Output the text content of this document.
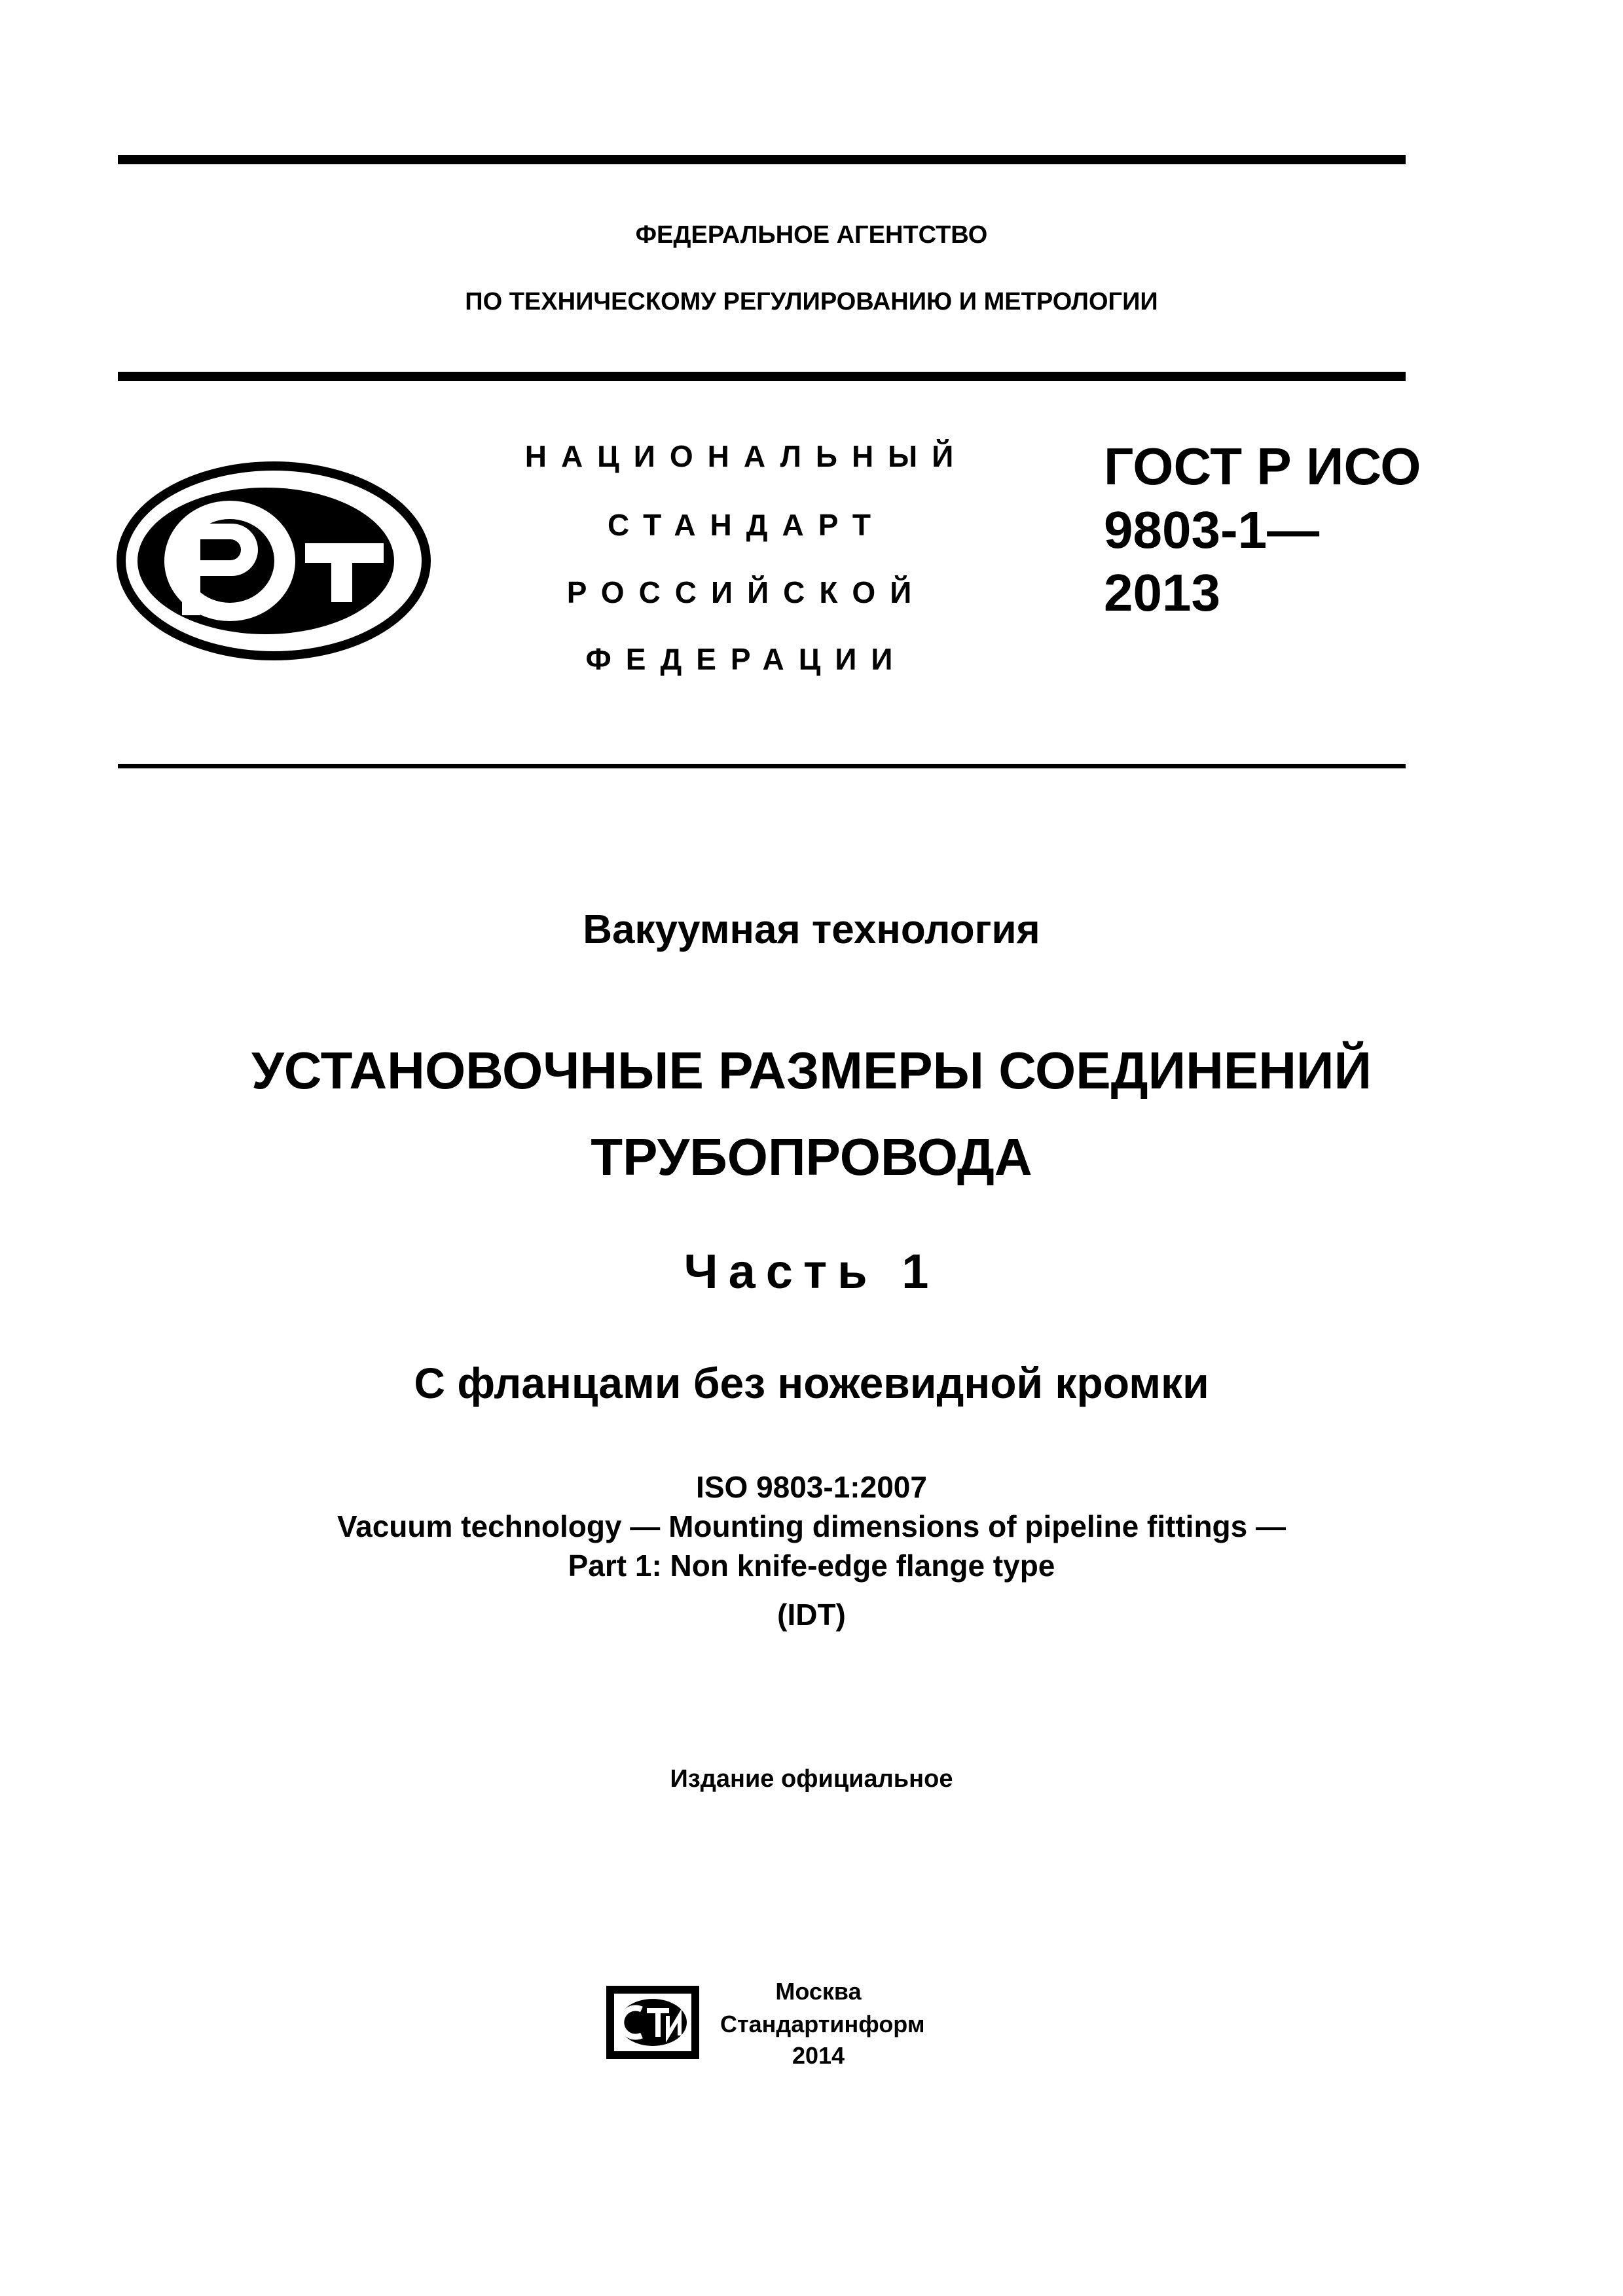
ФЕДЕРАЛЬНОЕ АГЕНТСТВО
ПО ТЕХНИЧЕСКОМУ РЕГУЛИРОВАНИЮ И МЕТРОЛОГИИ
НАЦИОНАЛЬНЫЙ
СТАНДАРТ
РОССИЙСКОЙ
ФЕДЕРАЦИИ
ГОСТ Р ИСО
9803-1—
2013
Вакуумная технология
УСТАНОВОЧНЫЕ РАЗМЕРЫ СОЕДИНЕНИЙ
ТРУБОПРОВОДА
Часть 1
С фланцами без ножевидной кромки
ISO 9803-1:2007
Vacuum technology — Mounting dimensions of pipeline fittings —
Part 1: Non knife-edge flange type
(IDT)
Издание официальное
Москва
Стандартинформ
2014
